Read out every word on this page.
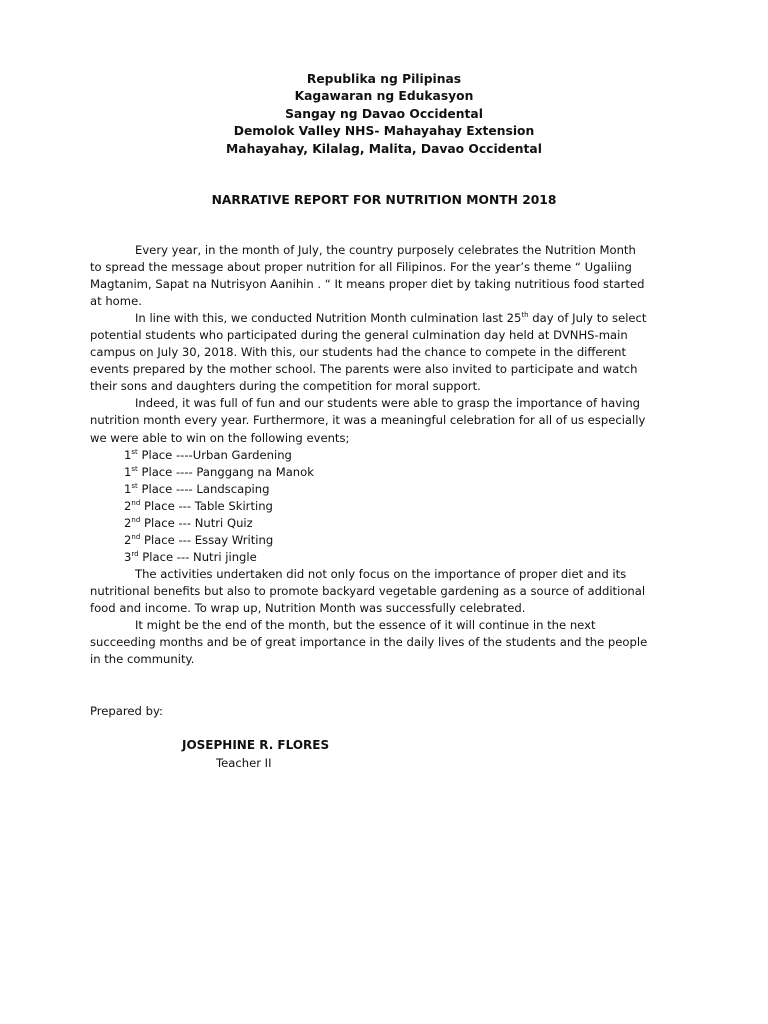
Republika ng Pilipinas
Kagawaran ng Edukasyon
Sangay ng Davao Occidental
Demolok Valley NHS- Mahayahay Extension
Mahayahay, Kilalag, Malita, Davao Occidental
NARRATIVE REPORT FOR NUTRITION MONTH 2018
Every year, in the month of July, the country purposely celebrates the Nutrition Month
to spread the message about proper nutrition for all Filipinos. For the year’s theme “ Ugaliing
Magtanim, Sapat na Nutrisyon Aanihin . “ It means proper diet by taking nutritious food started
at home.
In line with this, we conducted Nutrition Month culmination last 25th day of July to select
potential students who participated during the general culmination day held at DVNHS-main
campus on July 30, 2018. With this, our students had the chance to compete in the different
events prepared by the mother school. The parents were also invited to participate and watch
their sons and daughters during the competition for moral support.
Indeed, it was full of fun and our students were able to grasp the importance of having
nutrition month every year. Furthermore, it was a meaningful celebration for all of us especially
we were able to win on the following events;
1st Place ----Urban Gardening
1st Place ---- Panggang na Manok
1st Place ---- Landscaping
2nd Place --- Table Skirting
2nd Place --- Nutri Quiz
2nd Place --- Essay Writing
3rd Place --- Nutri jingle
The activities undertaken did not only focus on the importance of proper diet and its
nutritional benefits but also to promote backyard vegetable gardening as a source of additional
food and income. To wrap up, Nutrition Month was successfully celebrated.
It might be the end of the month, but the essence of it will continue in the next
succeeding months and be of great importance in the daily lives of the students and the people
in the community.
Prepared by:
JOSEPHINE R. FLORES
Teacher II
